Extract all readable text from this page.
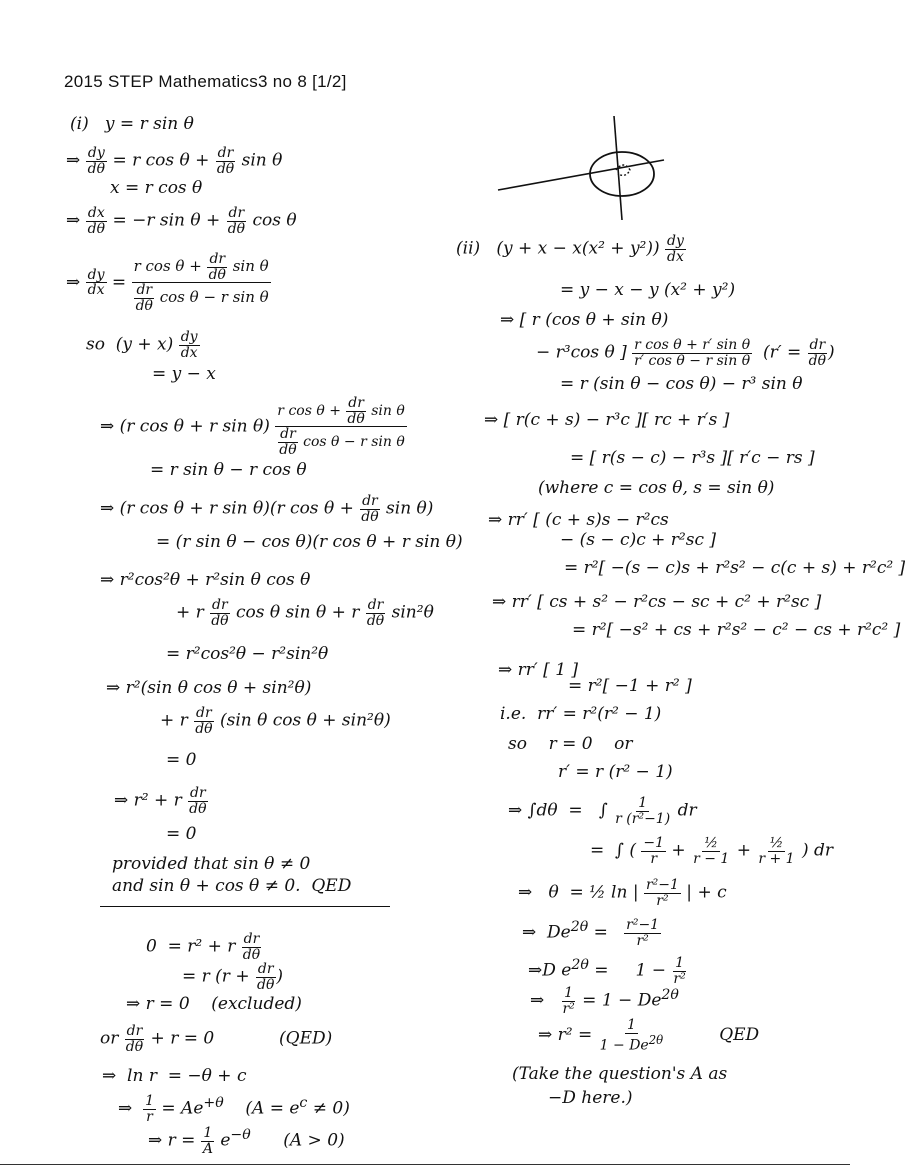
2015 STEP Mathematics3 no 8 [1/2]
(i)   y = r sin θ
⇒ $\frac{dy}{d\theta} = r$ $\cos \theta + \frac{dr}{d\theta}$ sin θ
x = r cos θ
⇒ $\frac{dx}{d\theta} = -r$ $\sin \theta + \frac{dr}{d\theta}$ cos θ
⇒ $\frac{dy}{dx} = \frac{r \cos \theta + \frac{dr}{d\theta} \sin \theta}{\frac{dr}{d\theta} \cos \theta - r \sin \theta}$
so  $(y + x) \frac{dy}{dx}$
= y − x
⇒ (r cos θ + r $\sin \theta) \frac{r \cos \theta + \frac{dr}{d\theta} \sin \theta}{\frac{dr}{d\theta} \cos \theta - r \sin \theta}$
= r sin θ − r cos θ
⇒ (r cos θ + r sin θ)(r $\cos \theta + \frac{dr}{d\theta}$ sin θ)
= (r sin θ − cos θ)(r cos θ + r sin θ)
⇒ r²cos²θ + r²sin θ cos θ
+ r $\frac{dr}{d\theta}$ cos θ sin θ + r $\frac{dr}{d\theta} \sin^2\theta$
= r²cos²θ − r²sin²θ
⇒ r²(sin θ cos θ + sin²θ)
+ r $\frac{dr}{d\theta} (\sin$ θ cos θ + sin²θ)
= 0
⇒ r² + r $\frac{dr}{d\theta}$
= 0
provided that sin θ ≠ 0
and sin θ + cos θ ≠ 0.  QED
0  = r² + r $\frac{dr}{d\theta}$
= r ($r + \frac{dr}{d\theta}$ )
⇒ r = 0    (excluded)
or $\frac{dr}{d\theta} + r = 0$            (QED)
⇒  ln r  = −θ + c
⇒ $\frac{1}{r} = Ae^{+\theta}$    $(A = e^c \ne 0)$
⇒ $r = \frac{1}{A} e^{-\theta}$      (A > 0)
(ii)   $(y + x - x(x^2 + y^2)) \frac{dy}{dx}$
= y − x − y (x² + y²)
⇒ [ r (cos θ + sin θ)
− r³cos θ ] $\frac{\text{r cos θ + r′ sin θ}}{\text{r′ cos θ − r sin θ}} (r' = \frac{dr}{d\theta}$ )
= r (sin θ − cos θ) − r³ sin θ
⇒ [ r(c + s) − r³c ][ rc + r′s ]
= [ r(s − c) − r³s ][ r′c − rs ]
(where c = cos θ, s = sin θ)
⇒ rr′ [ (c + s)s − r²cs
− (s − c)c + r²sc ]
= r²[ −(s − c)s + r²s² − c(c + s) + r²c² ]
⇒ rr′ [ cs + s² − r²cs − sc + c² + r²sc ]
= r²[ −s² + cs + r²s² − c² − cs + r²c² ]
⇒ rr′ [ 1 ]
= r²[ −1 + r² ]
i.e.  rr′ = r²(r² − 1)
so    r = 0    or
r′ = r (r² − 1)
⇒ ∫dθ  =   ∫ $\frac{1}{\text{r (r²−1)}}$ dr
=  ∫ ( $\frac{-1}{r} + \frac{\text{½}}{r - 1} + \frac{\text{½}}{r + 1}$ ) dr
⇒   θ  = ½ ln | $\frac{\text{r²−1}}{\text{r²}}$ | + c
⇒  $De^{2\theta} = \frac{\text{r²−1}}{\text{r²}}$
⇒D $e^{2\theta}$ =     $1 - \frac{1}{\text{r²}}$
⇒ $\frac{1}{\text{r²}} = 1 - De^{2\theta}$
⇒ $r^2 = \frac{1}{1 - De^{2\theta}}$ QED
(Take the question's A as
−D here.)
